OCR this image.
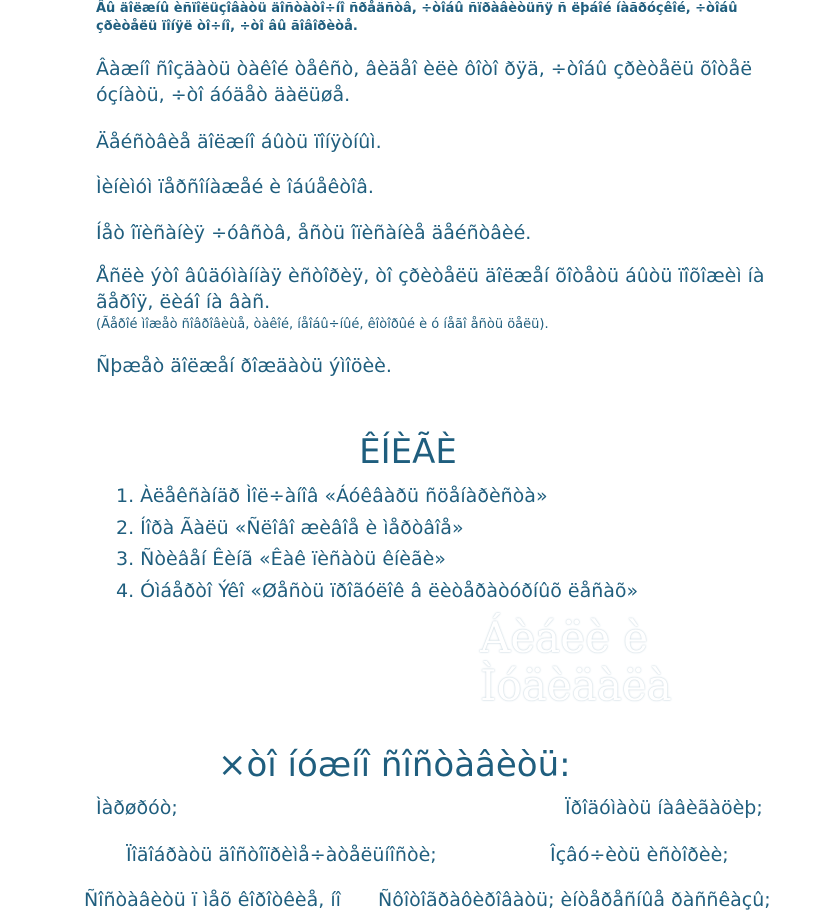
Âû äîëæíû èñïîëüçîâàòü äîñòàòî÷íî ñðåäñòâ, ÷òîáû ñïðàâèòüñÿ ñ ëþáîé íàãðóçêîé, ÷òîáû
çðèòåëü ïîíÿë òî÷íî, ÷òî âû ãîâîðèòå.
Âàæíî ñîçäàòü òàêîé òåêñò, âèäåî èëè ôîòî ðÿä, ÷òîáû çðèòåëü õîòåë óçíàòü, ÷òî áóäåò äàëüøå.
Äåéñòâèå äîëæíî áûòü ïîíÿòíûì.
Ìèíèìóì ïåðñîíàæåé è îáúåêòîâ.
Íåò îïèñàíèÿ ÷óâñòâ, åñòü îïèñàíèå äåéñòâèé.
Åñëè ýòî âûäóìàííàÿ èñòîðèÿ, òî çðèòåëü äîëæåí õîòåòü áûòü ïîõîæèì íà ãåðîÿ, ëèáî íà âàñ.
(Ãåðîé ìîæåò ñîâðîâèùå, òàêîé, íåîáû÷íûé, êîòîðûé è ó íåãî åñòü öåëü).
Ñþæåò äîëæåí ðîæäàòü ýìîöèè.
ÊÍÈÃÈ
1. Àëåêñàíäð Ìîë÷àíîâ «Áóêâàðü ñöåíàðèñòà»
2. Íîðà Ãàëü «Ñëîâî æèâîå è ìåðòâîå»
3. Ñòèâåí Êèíã «Êàê ïèñàòü êíèãè»
4. Óìáåðòî Ýêî «Øåñòü ïðîãóëîê â ëèòåðàòóðíûõ ëåñàõ»
Áèáëè è Ìóäèäàëà
×òî íóæíî ñîñòàâèòü:
Ìàðøðóò;
Ïîäîáðàòü äîñòîïðèìå÷àòåëüíîñòè;
Ñîñòàâèòü ï ìåõ êîðîòêèå, íî
Ïðîäóìàòü íàâèãàöèþ;
Îçâó÷èòü èñòîðèè;
Ñôîòîãðàôèðîâàòü; èíòåðåñíûå ðàññêàçû;
